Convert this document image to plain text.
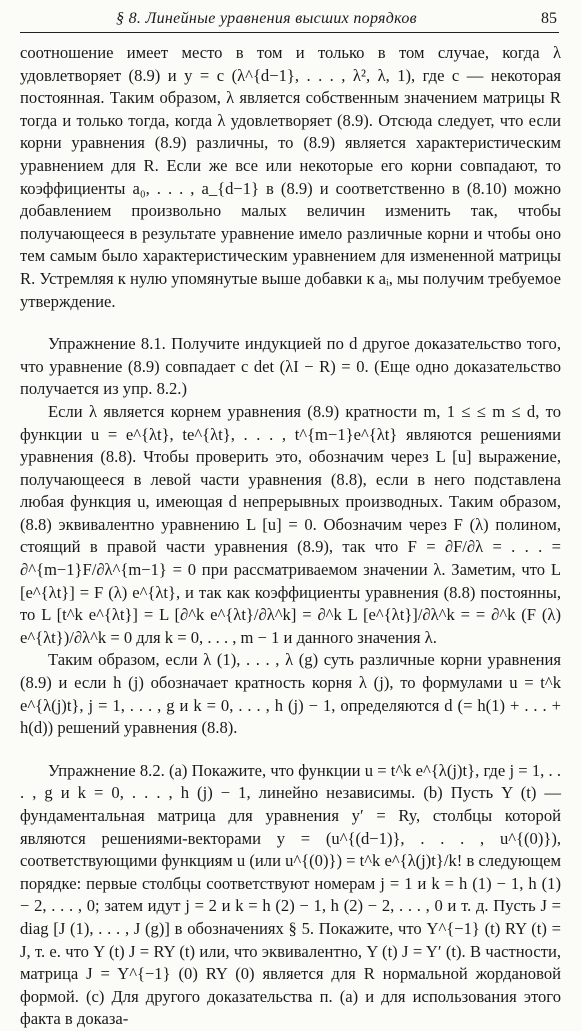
§ 8. Линейные уравнения высших порядков	85

соотношение имеет место в том и только в том случае, когда λ удовлетворяет (8.9) и y = c (λ^{d−1}, . . . , λ², λ, 1), где c — некоторая постоянная. Таким образом, λ является собственным значением матрицы R тогда и только тогда, когда λ удовлетворяет (8.9). Отсюда следует, что если корни уравнения (8.9) различны, то (8.9) является характеристическим уравнением для R. Если же все или некоторые его корни совпадают, то коэффициенты a₀, . . . , a_{d−1} в (8.9) и соответственно в (8.10) можно добавлением произвольно малых величин изменить так, чтобы получающееся в результате уравнение имело различные корни и чтобы оно тем самым было характеристическим уравнением для измененной матрицы R. Устремляя к нулю упомянутые выше добавки к aᵢ, мы получим требуемое утверждение.

Упражнение 8.1. Получите индукцией по d другое доказательство того, что уравнение (8.9) совпадает с det (λI − R) = 0. (Еще одно доказательство получается из упр. 8.2.)

Если λ является корнем уравнения (8.9) кратности m, 1 ≤ ≤ m ≤ d, то функции u = e^{λt}, te^{λt}, . . . , t^{m−1}e^{λt} являются решениями уравнения (8.8). Чтобы проверить это, обозначим через L [u] выражение, получающееся в левой части уравнения (8.8), если в него подставлена любая функция u, имеющая d непрерывных производных. Таким образом, (8.8) эквивалентно уравнению L [u] = 0. Обозначим через F (λ) полином, стоящий в правой части уравнения (8.9), так что F = ∂F/∂λ = . . . = ∂^{m−1}F/∂λ^{m−1} = 0 при рассматриваемом значении λ. Заметим, что L [e^{λt}] = F (λ) e^{λt}, и так как коэффициенты уравнения (8.8) постоянны, то L [t^k e^{λt}] = L [∂^k e^{λt}/∂λ^k] = ∂^k L [e^{λt}]/∂λ^k = = ∂^k (F (λ) e^{λt})/∂λ^k = 0 для k = 0, . . . , m − 1 и данного значения λ.

Таким образом, если λ (1), . . . , λ (g) суть различные корни уравнения (8.9) и если h (j) обозначает кратность корня λ (j), то формулами u = t^k e^{λ(j)t}, j = 1, . . . , g и k = 0, . . . , h (j) − 1, определяются d (= h(1) + . . . + h(d)) решений уравнения (8.8).

Упражнение 8.2. (a) Покажите, что функции u = t^k e^{λ(j)t}, где j = 1, . . . , g и k = 0, . . . , h (j) − 1, линейно независимы. (b) Пусть Y (t) — фундаментальная матрица для уравнения y′ = Ry, столбцы которой являются решениями-векторами y = (u^{(d−1)}, . . . , u^{(0)}), соответствующими функциям u (или u^{(0)}) = t^k e^{λ(j)t}/k! в следующем порядке: первые столбцы соответствуют номерам j = 1 и k = h (1) − 1, h (1) − 2, . . . , 0; затем идут j = 2 и k = h (2) − 1, h (2) − 2, . . . , 0 и т. д. Пусть J = diag [J (1), . . . , J (g)] в обозначениях § 5. Покажите, что Y^{−1} (t) RY (t) = J, т. е. что Y (t) J = RY (t) или, что эквивалентно, Y (t) J = Y′ (t). В частности, матрица J = Y^{−1} (0) RY (0) является для R нормальной жордановой формой. (c) Для другого доказательства п. (a) и для использования этого факта в доказа-
